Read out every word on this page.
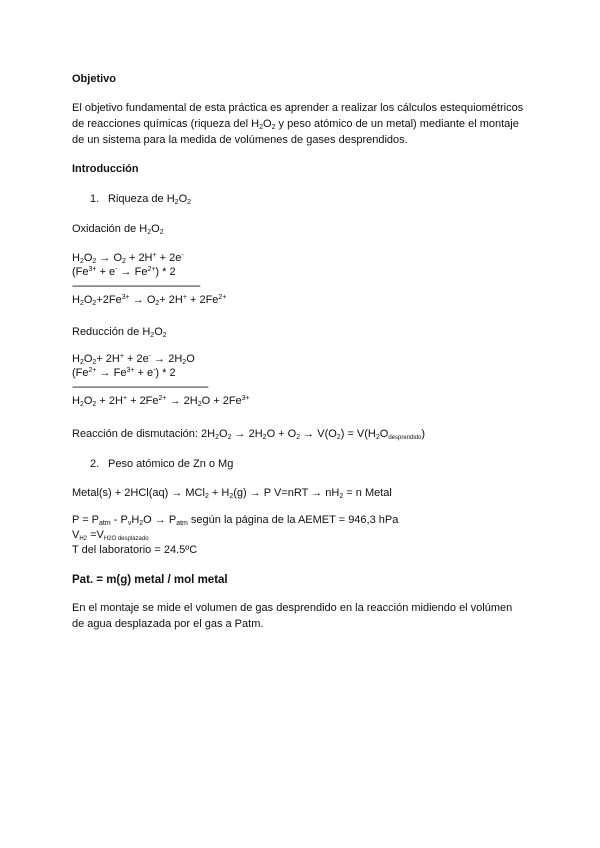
Objetivo
El objetivo fundamental de esta práctica es aprender a realizar los cálculos estequiométricos
de reacciones químicas (riqueza del $H_2O_2$ y peso atómico de un metal) mediante el montaje
de un sistema para la medida de volúmenes de gases desprendidos.
Introducción
1. Riqueza de $H_2O_2$
Oxidación de $H_2O_2$
$H_2O_2 \to O_2 + 2H^+ + 2e^-$
$(Fe^{3+} + e^- \to Fe^{2+}) * 2$
------------------------------------------------
$H_2O_2+2Fe^{3+} \to O_2+ 2H^+ + 2Fe^{2+}$
Reducción de $H_2O_2$
$H_2O_2+ 2H^+ + 2e^- \to 2H_2O$
$(Fe^{2+} \to Fe^{3+} + e^-) * 2$
---------------------------------------------------
$H_2O_2 + 2H^+ + 2Fe^{2+} \to 2H_2O + 2Fe^{3+}$
Reacción de dismutación: $2H_2O_2 \to 2H_2O + O_2 \to V(O_2) = V(H_2O_{desprendido})$
2. Peso atómico de Zn o Mg
Metal(s) + $2HCl(aq) \to MCl_2 + H_2(g) \to P$ $V=nRT \to nH_2 = n$ Metal
$P = P_{atm} - P_vH_2O \to P_{atm}$ según la página de la AEMET = 946,3 hPa
$V_{H2} =V_{H2O desplazado}$
T del laboratorio = 24.5ºC
Pat. = m(g) metal / mol metal
En el montaje se mide el volumen de gas desprendido en la reacción midiendo el volúmen
de agua desplazada por el gas a Patm.
